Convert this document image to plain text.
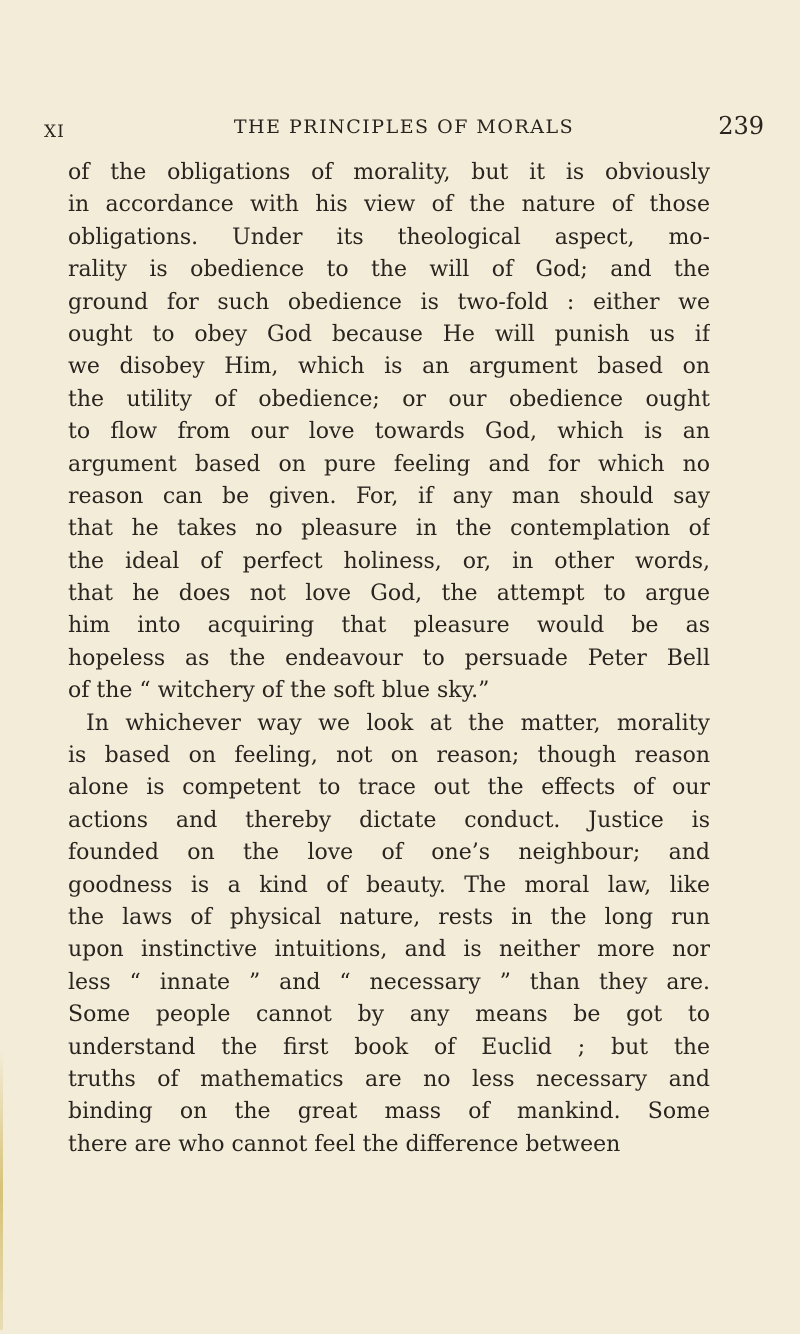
XI	THE PRINCIPLES OF MORALS	239
of the obligations of morality, but it is obviously
in accordance with his view of the nature of those
obligations. Under its theological aspect, mo-
rality is obedience to the will of God; and the
ground for such obedience is two-fold : either we
ought to obey God because He will punish us if
we disobey Him, which is an argument based on
the utility of obedience; or our obedience ought
to flow from our love towards God, which is an
argument based on pure feeling and for which no
reason can be given. For, if any man should say
that he takes no pleasure in the contemplation of
the ideal of perfect holiness, or, in other words,
that he does not love God, the attempt to argue
him into acquiring that pleasure would be as
hopeless as the endeavour to persuade Peter Bell
of the “ witchery of the soft blue sky.”
In whichever way we look at the matter, morality
is based on feeling, not on reason; though reason
alone is competent to trace out the effects of our
actions and thereby dictate conduct. Justice is
founded on the love of one’s neighbour; and
goodness is a kind of beauty. The moral law, like
the laws of physical nature, rests in the long run
upon instinctive intuitions, and is neither more nor
less “ innate ” and “ necessary ” than they are.
Some people cannot by any means be got to
understand the first book of Euclid ; but the
truths of mathematics are no less necessary and
binding on the great mass of mankind. Some
there are who cannot feel the difference between
